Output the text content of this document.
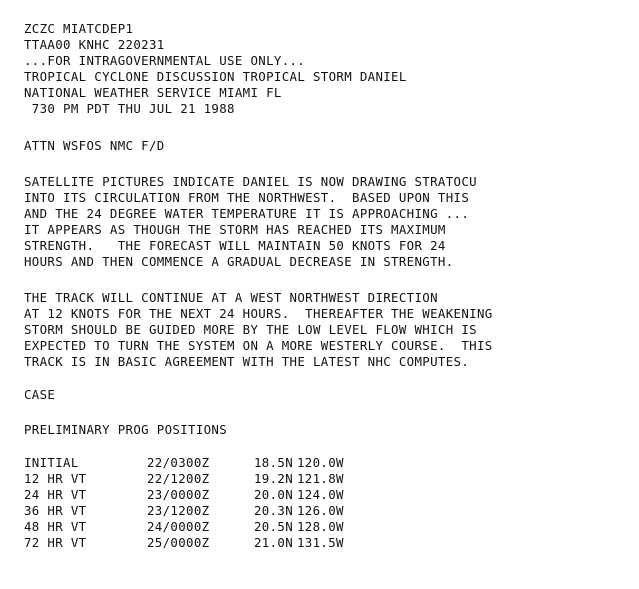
ZCZC MIATCDEP1
TTAA00 KNHC 220231
...FOR INTRAGOVERNMENTAL USE ONLY...
TROPICAL CYCLONE DISCUSSION TROPICAL STORM DANIEL
NATIONAL WEATHER SERVICE MIAMI FL
730 PM PDT THU JUL 21 1988
ATTN WSFOS NMC F/D
SATELLITE PICTURES INDICATE DANIEL IS NOW DRAWING STRATOCU
INTO ITS CIRCULATION FROM THE NORTHWEST.  BASED UPON THIS
AND THE 24 DEGREE WATER TEMPERATURE IT IS APPROACHING ...
IT APPEARS AS THOUGH THE STORM HAS REACHED ITS MAXIMUM
STRENGTH.   THE FORECAST WILL MAINTAIN 50 KNOTS FOR 24
HOURS AND THEN COMMENCE A GRADUAL DECREASE IN STRENGTH.
THE TRACK WILL CONTINUE AT A WEST NORTHWEST DIRECTION
AT 12 KNOTS FOR THE NEXT 24 HOURS.  THEREAFTER THE WEAKENING
STORM SHOULD BE GUIDED MORE BY THE LOW LEVEL FLOW WHICH IS
EXPECTED TO TURN THE SYSTEM ON A MORE WESTERLY COURSE.  THIS
TRACK IS IN BASIC AGREEMENT WITH THE LATEST NHC COMPUTES.
CASE
PRELIMINARY PROG POSITIONS
INITIAL	22/0300Z	18.5N 120.0W
12 HR VT	22/1200Z	19.2N 121.8W
24 HR VT	23/0000Z	20.0N 124.0W
36 HR VT	23/1200Z	20.3N 126.0W
48 HR VT	24/0000Z	20.5N 128.0W
72 HR VT	25/0000Z	21.0N 131.5W
